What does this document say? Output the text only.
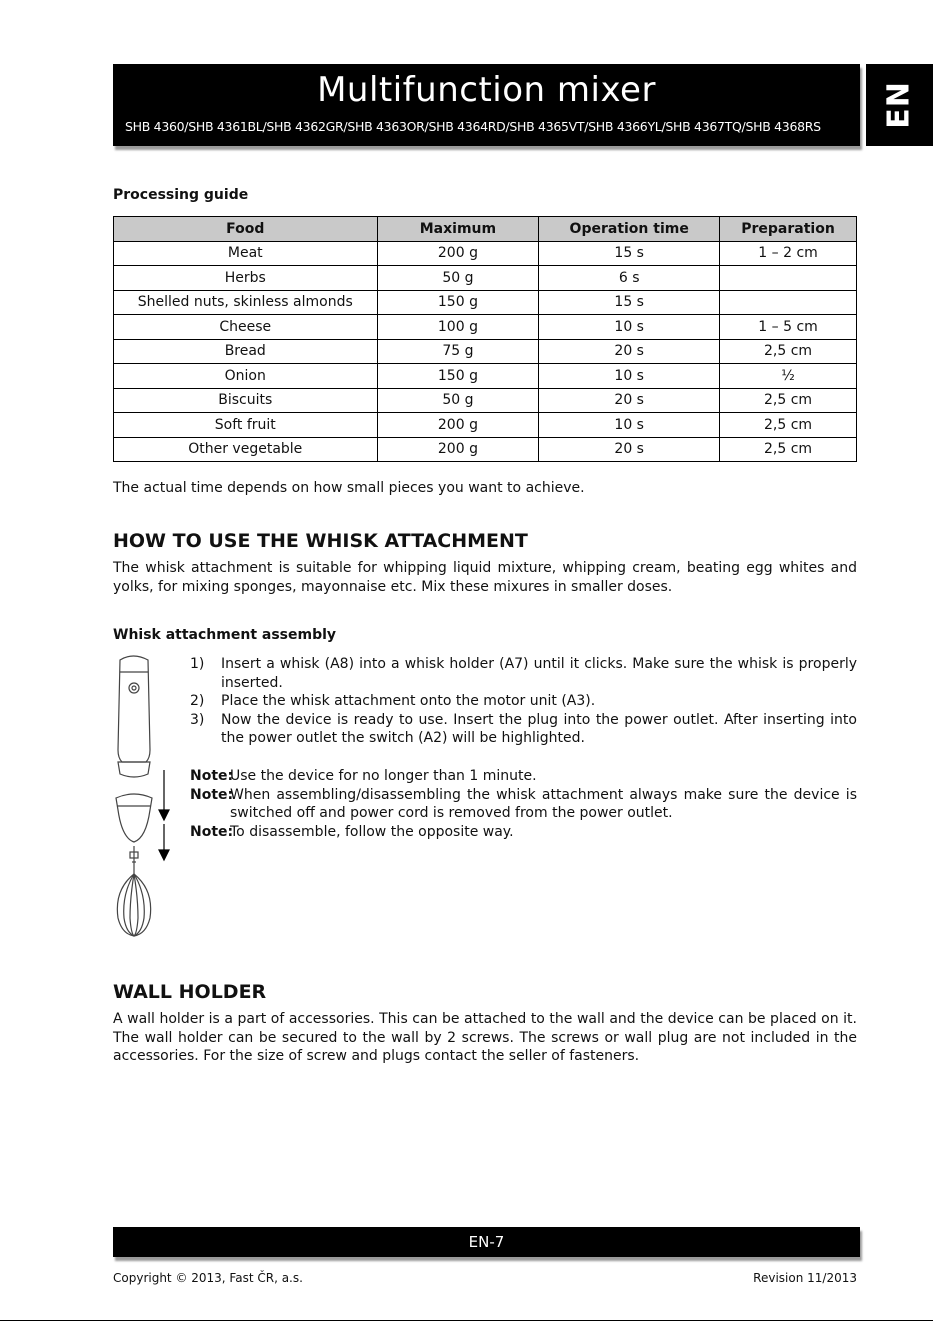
Multifunction mixer
SHB 4360/SHB 4361BL/SHB 4362GR/SHB 4363OR/SHB 4364RD/SHB 4365VT/SHB 4366YL/SHB 4367TQ/SHB 4368RS EN
Processing guide
Food	Maximum	Operation time	Preparation
Meat	200 g	15 s	1 – 2 cm
Herbs	50 g	6 s	
Shelled nuts, skinless almonds	150 g	15 s	
Cheese	100 g	10 s	1 – 5 cm
Bread	75 g	20 s	2,5 cm
Onion	150 g	10 s	½
Biscuits	50 g	20 s	2,5 cm
Soft fruit	200 g	10 s	2,5 cm
Other vegetable	200 g	20 s	2,5 cm
The actual time depends on how small pieces you want to achieve.
HOW TO USE THE WHISK ATTACHMENT
The whisk attachment is suitable for whipping liquid mixture, whipping cream, beating egg whites and yolks, for mixing sponges, mayonnaise etc. Mix these mixures in smaller doses.
Whisk attachment assembly
1)	Insert a whisk (A8) into a whisk holder (A7) until it clicks. Make sure the whisk is properly inserted.
2)	Place the whisk attachment onto the motor unit (A3).
3)	Now the device is ready to use. Insert the plug into the power outlet. After inserting into the power outlet the switch (A2) will be highlighted.
Note:
Use the device for no longer than 1 minute.
Note:
When assembling/disassembling the whisk attachment always make sure the device is switched off and power cord is removed from the power outlet.
Note:
To disassemble, follow the opposite way.
WALL HOLDER
A wall holder is a part of accessories. This can be attached to the wall and the device can be placed on it. The wall holder can be secured to the wall by 2 screws. The screws or wall plug are not included in the accessories. For the size of screw and plugs contact the seller of fasteners.
EN-7
Copyright © 2013, Fast ČR, a.s.	Revision 11/2013
